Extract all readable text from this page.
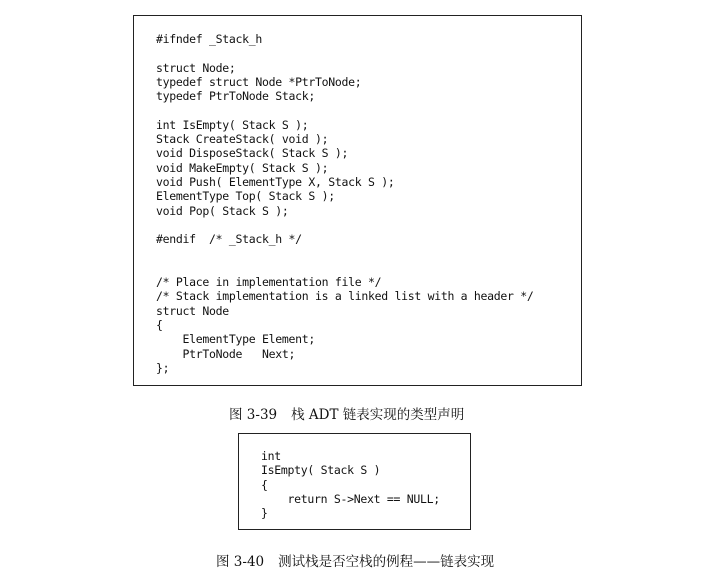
#ifndef _Stack_h

struct Node;
typedef struct Node *PtrToNode;
typedef PtrToNode Stack;

int IsEmpty( Stack S );
Stack CreateStack( void );
void DisposeStack( Stack S );
void MakeEmpty( Stack S );
void Push( ElementType X, Stack S );
ElementType Top( Stack S );
void Pop( Stack S );

#endif  /* _Stack_h */

/* Place in implementation file */
/* Stack implementation is a linked list with a header */
struct Node
{
ElementType Element;
PtrToNode   Next;
};
图 3-39 栈 ADT 链表实现的类型声明
int
IsEmpty( Stack S )
{
return S->Next == NULL;
}
图 3-40 测试栈是否空栈的例程——链表实现
